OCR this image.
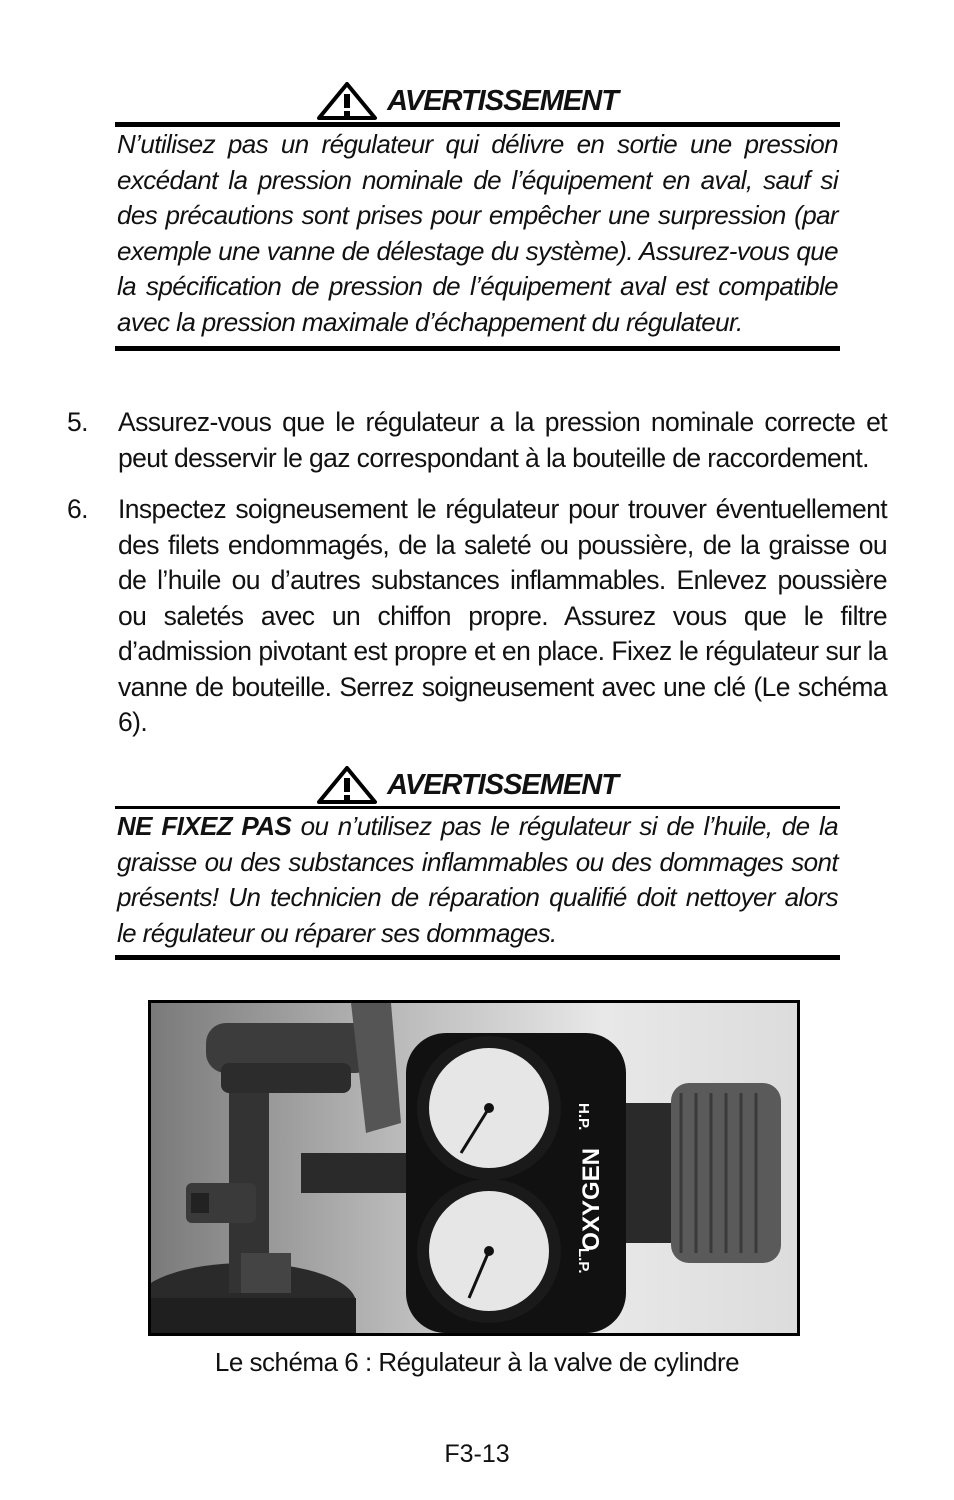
AVERTISSEMENT
N’utilisez pas un régulateur qui délivre en sortie une pression excédant la pression nominale de l’équipement en aval, sauf si des précautions sont prises pour empêcher une surpression (par exemple une vanne de délestage du système). Assurez-vous que la spécification de pression de l’équipement aval est compatible avec la pression maximale d’échappement du régulateur.
5.	Assurez-vous que le régulateur a la pression nominale correcte et peut desservir le gaz correspondant à la bouteille de raccordement.
6.	Inspectez soigneusement le régulateur pour trouver éventuellement des filets endommagés, de la saleté ou poussière, de la graisse ou de l’huile ou d’autres substances inflammables. Enlevez poussière ou saletés avec un chiffon propre. Assurez vous que le filtre d’admission pivotant est propre et en place. Fixez le régulateur sur la vanne de bouteille. Serrez soigneusement avec une clé (Le schéma 6).
AVERTISSEMENT
NE FIXEZ PAS ou n’utilisez pas le régulateur si de l’huile, de la graisse ou des substances inflammables ou des dommages sont présents! Un technicien de réparation qualifié doit nettoyer alors le régulateur ou réparer ses dommages.
H.P.
OXYGEN
L.P.
Le schéma 6 : Régulateur à la valve de cylindre
F3-13
